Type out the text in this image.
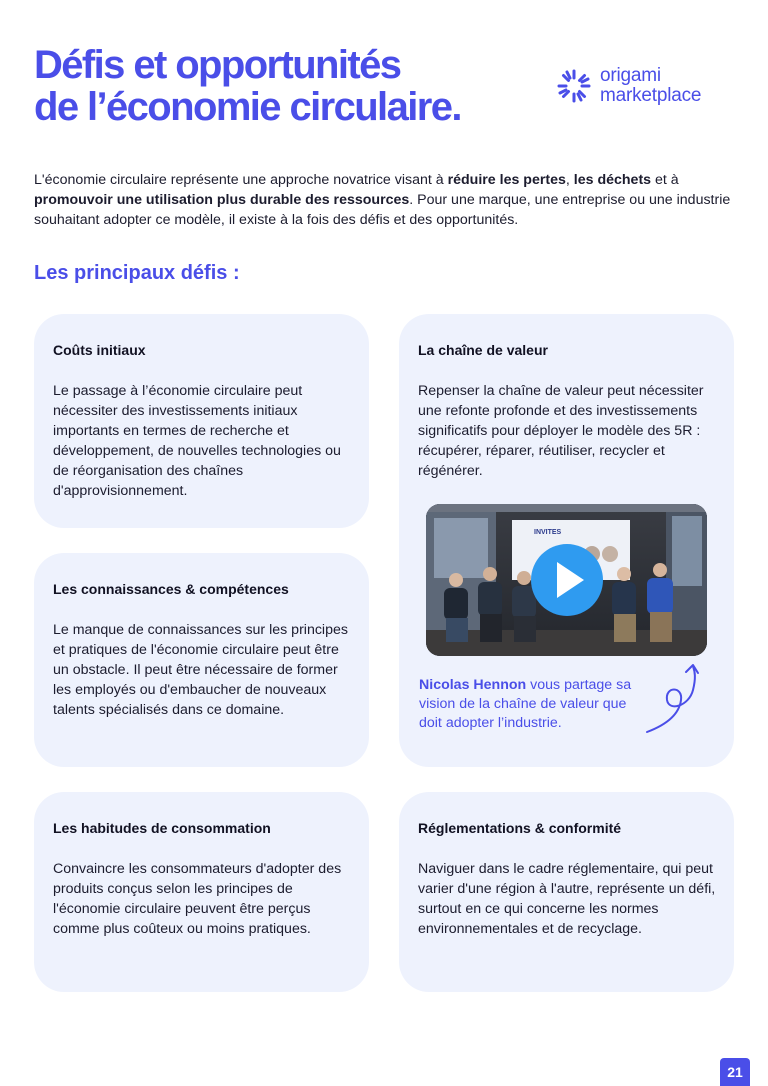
Défis et opportunités
de l’économie circulaire.
origami
marketplace

L'économie circulaire représente une approche novatrice visant à réduire les pertes, les déchets et à promouvoir une utilisation plus durable des ressources. Pour une marque, une entreprise ou une industrie souhaitant adopter ce modèle, il existe à la fois des défis et des opportunités.

Les principaux défis :
Coûts initiaux

Le passage à l’économie circulaire peut nécessiter des investissements initiaux importants en termes de recherche et développement, de nouvelles technologies ou de réorganisation des chaînes d'approvisionnement.

La chaîne de valeur

Repenser la chaîne de valeur peut nécessiter une refonte profonde et des investissements significatifs pour déployer le modèle des 5R : récupérer, réparer, réutiliser, recycler et régénérer.

INVITES

Nicolas Hennon vous partage sa vision de la chaîne de valeur que doit adopter l’industrie.

Les connaissances & compétences

Le manque de connaissances sur les principes et pratiques de l'économie circulaire peut être un obstacle. Il peut être nécessaire de former les employés ou d'embaucher de nouveaux talents spécialisés dans ce domaine.

Les habitudes de consommation

Convaincre les consommateurs d'adopter des produits conçus selon les principes de l'économie circulaire peuvent être perçus comme plus coûteux ou moins pratiques.

Réglementations & conformité

Naviguer dans le cadre réglementaire, qui peut varier d'une région à l'autre, représente un défi, surtout en ce qui concerne les normes environnementales et de recyclage.

21
